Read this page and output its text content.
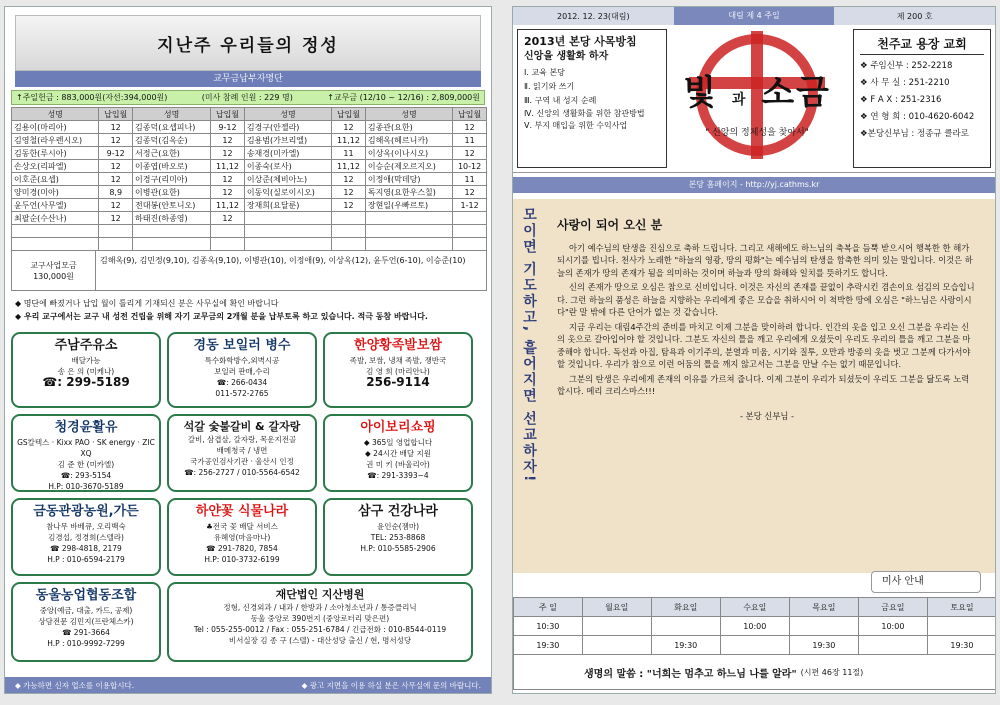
지난주 우리들의 정성
교무금납부자명단
↑주일헌금 : 883,000원(자선:394,000원)	(미사 참례 인원 : 229 명)	↑교무금 (12/10 ~ 12/16) : 2,809,000원
성명	납입월	성명	납입월	성명	납입월	성명	납입월
김용이(마리아)	12	김종덕(요셉피나)	9-12	김경구(안젤라)	12	김종관(요한)	12
김영철(라우렌시오)	12	김종덕(김옥순)	12	김용범(가브리엘)	11,12	김해옥(헤르니카)	11
김동한(루시아)	9-12	서정근(요한)	12	송재경(미카엘)	11	이상옥(이나시오)	12
손상오(리파엘)	12	이종엽(바오로)	11,12	이종숙(로사)	11,12	이승순(제오르지오)	10-12
이호준(요셉)	12	이경구(리미아)	12	이상준(체비아노)	12	이정애(막데당)	11
양미경(미아)	8,9	이병관(요한)	12	이동익(실로이시오)	12	독지영(요한우스칠)	12
윤두언(사무엘)	12	전대봉(안토니오)	11,12	장재희(요달룬)	12	장현일(우빠르토)	1-12
최팔순(수산나)	12	하태진(하종영)	12				

교구사업모금
130,000원
김해옥(9), 김민정(9,10), 김종옥(9,10), 이병관(10), 이정애(9), 이상옥(12), 윤두언(6-10), 이승준(10)
◆ 명단에 빠졌거나 납입 월이 틀리게 기재되신 분은 사무실에 확인 바랍니다
◆ 우리 교구에서는 교구 내 성전 건립을 위해 자기 교무금의 2개월 분을 납부토록 하고 있습니다. 적극 동참 바랍니다.
주남주유소
배달가능
송 은 의 (미케나)
☎: 299-5189
경동 보일러 병수
특수화학방수,외벽시공
보일러 판매,수리
☎: 266-0434
011-572-2765
한양황족발보쌈
족발, 보쌈, 냉채 족발, 쟁반국
김 영 희 (마리안나)
256-9114
청경윤활유
GS칼텍스 · Kixx PAO · SK energy · ZIC XQ
김 준 한 (미카엘)
☎: 293-5154
H.P: 010-3670-5189
석갈 숯불갈비 & 갈자랑
갈비, 삼겹살, 갈자랑, 목운지전골
배메청국 / 냉면
국가공인검사기관 · 울산시 인정
☎: 256-2727 / 010-5564-6542
아이보리쇼핑
◆ 365일 영업합니다
◆ 24시간 배달 지원
권 미 키 (바울리아)
☎: 291-3393~4
금동관광농원,가든
참나무 바베큐, 오리백숙
김경섭, 정경희(스텔라)
☎ 298-4818, 2179
H.P : 010-6594-2179
하얀꽃 식물나라
♣전국 꽃 배달 서비스
유혜영(마음마나)
☎ 291-7820, 7854
H.P: 010-3732-6199
삼구 건강나라
윤인순(젬마)
TEL: 253-8868
H.P: 010-5585-2906
동울농업협동조합
중앙(예금, 대출, 카드, 공제)
상담전문 김민지(프란체스카)
☎ 291-3664
H.P : 010-9992-7299
재단법인 지산병원
정형, 신경외과 / 내과 / 한방과 / 소아청소년과 / 통증클리닉
동울 중앙로 390번지 (중앙로터리 맞은편)
Tel : 055-255-0012 / Fax : 055-251-6784 / 긴급전화 : 010-8544-0119
비서실장 김 종 구 (스텔) - 대산성당 출신 / 현, 명서성당
◆ 가능하면 신자 업소를 이용합시다.	◆ 광고 지면을 이용 하실 분은 사무실에 문의 바랍니다.
2012. 12. 23(대림)	대림 제 4 주일	제 200 호
2013년 본당 사목방침
신앙을 생활화 하자
Ⅰ. 교육 본당
Ⅱ. 읽기와 쓰기
Ⅲ. 구역 내 성지 순례
Ⅳ. 신앙의 생활화를 위한 참관방법
Ⅴ. 부지 매입을 위한 수익사업
빛 과 소금
" 신앙의 정체성을 찾아서"
천주교 용장 교회
❖ 주임신부 : 252-2218
❖ 사 무 실 : 251-2210
❖ F A X : 251-2316
❖ 연 형 희 : 010-4620-6042
❖본당신부님 : 정종규 클라로
본당 홈페이지 - http://yj.cathms.kr
모이면 기도하고, 흩어지면 선교하자! 사랑이 되어 오신 분

아기 예수님의 탄생을 진심으로 축하 드립니다. 그리고 새해에도 하느님의 축복을 듬뿍 받으시어 행복한 한 해가 되시기를 빕니다. 천사가 노래한 "하늘의 영광, 땅의 평화"는 예수님의 탄생을 함축한 의미 있는 말입니다. 이것은 하늘의 존재가 땅의 존재가 됨을 의미하는 것이며 하늘과 땅의 화해와 일치를 뜻하기도 합니다.

신의 존재가 땅으로 오심은 참으로 신비입니다. 이것은 자신의 존재를 끝없이 추락시킨 겸손이요 섬김의 모습입니다. 그런 하늘의 품성은 하늘을 지향하는 우리에게 좋은 모습을 취하시어 이 척박한 땅에 오심은 "하느님은 사랑이시다"란 말 밖에 다른 단어가 없는 것 같습니다.

지금 우리는 대림4주간의 준비를 마치고 이제 그분을 맞이하려 합니다. 인간의 옷을 입고 오신 그분을 우리는 신의 옷으로 갈아입어야 할 것입니다. 그분도 자신의 틀을 깨고 우리에게 오셨듯이 우리도 우리의 틀을 깨고 그분을 마중해야 합니다. 독선과 아집, 탐욕과 이기주의, 분열과 미움, 시기와 질투, 오만과 방종의 옷을 벗고 그분께 다가서야 할 것입니다. 우리가 참으로 이런 어둠의 틀을 깨지 않고서는 그분을 만날 수는 없기 때문입니다.

그분의 탄생은 우리에게 존재의 이유를 가르쳐 줍니다. 이제 그분이 우리가 되셨듯이 우리도 그분을 닮도록 노력합시다. 메리 크리스마스!!!

- 본당 신부님 -
미사 안내
주 일	월요일	화요일	수요일	목요일	금요일	토요일
10:30			10:00		10:00	
19:30		19:30		19:30		19:30
생명의 말씀 : "너희는 멈추고 하느님 나를 알라" (시편 46장 11절)
